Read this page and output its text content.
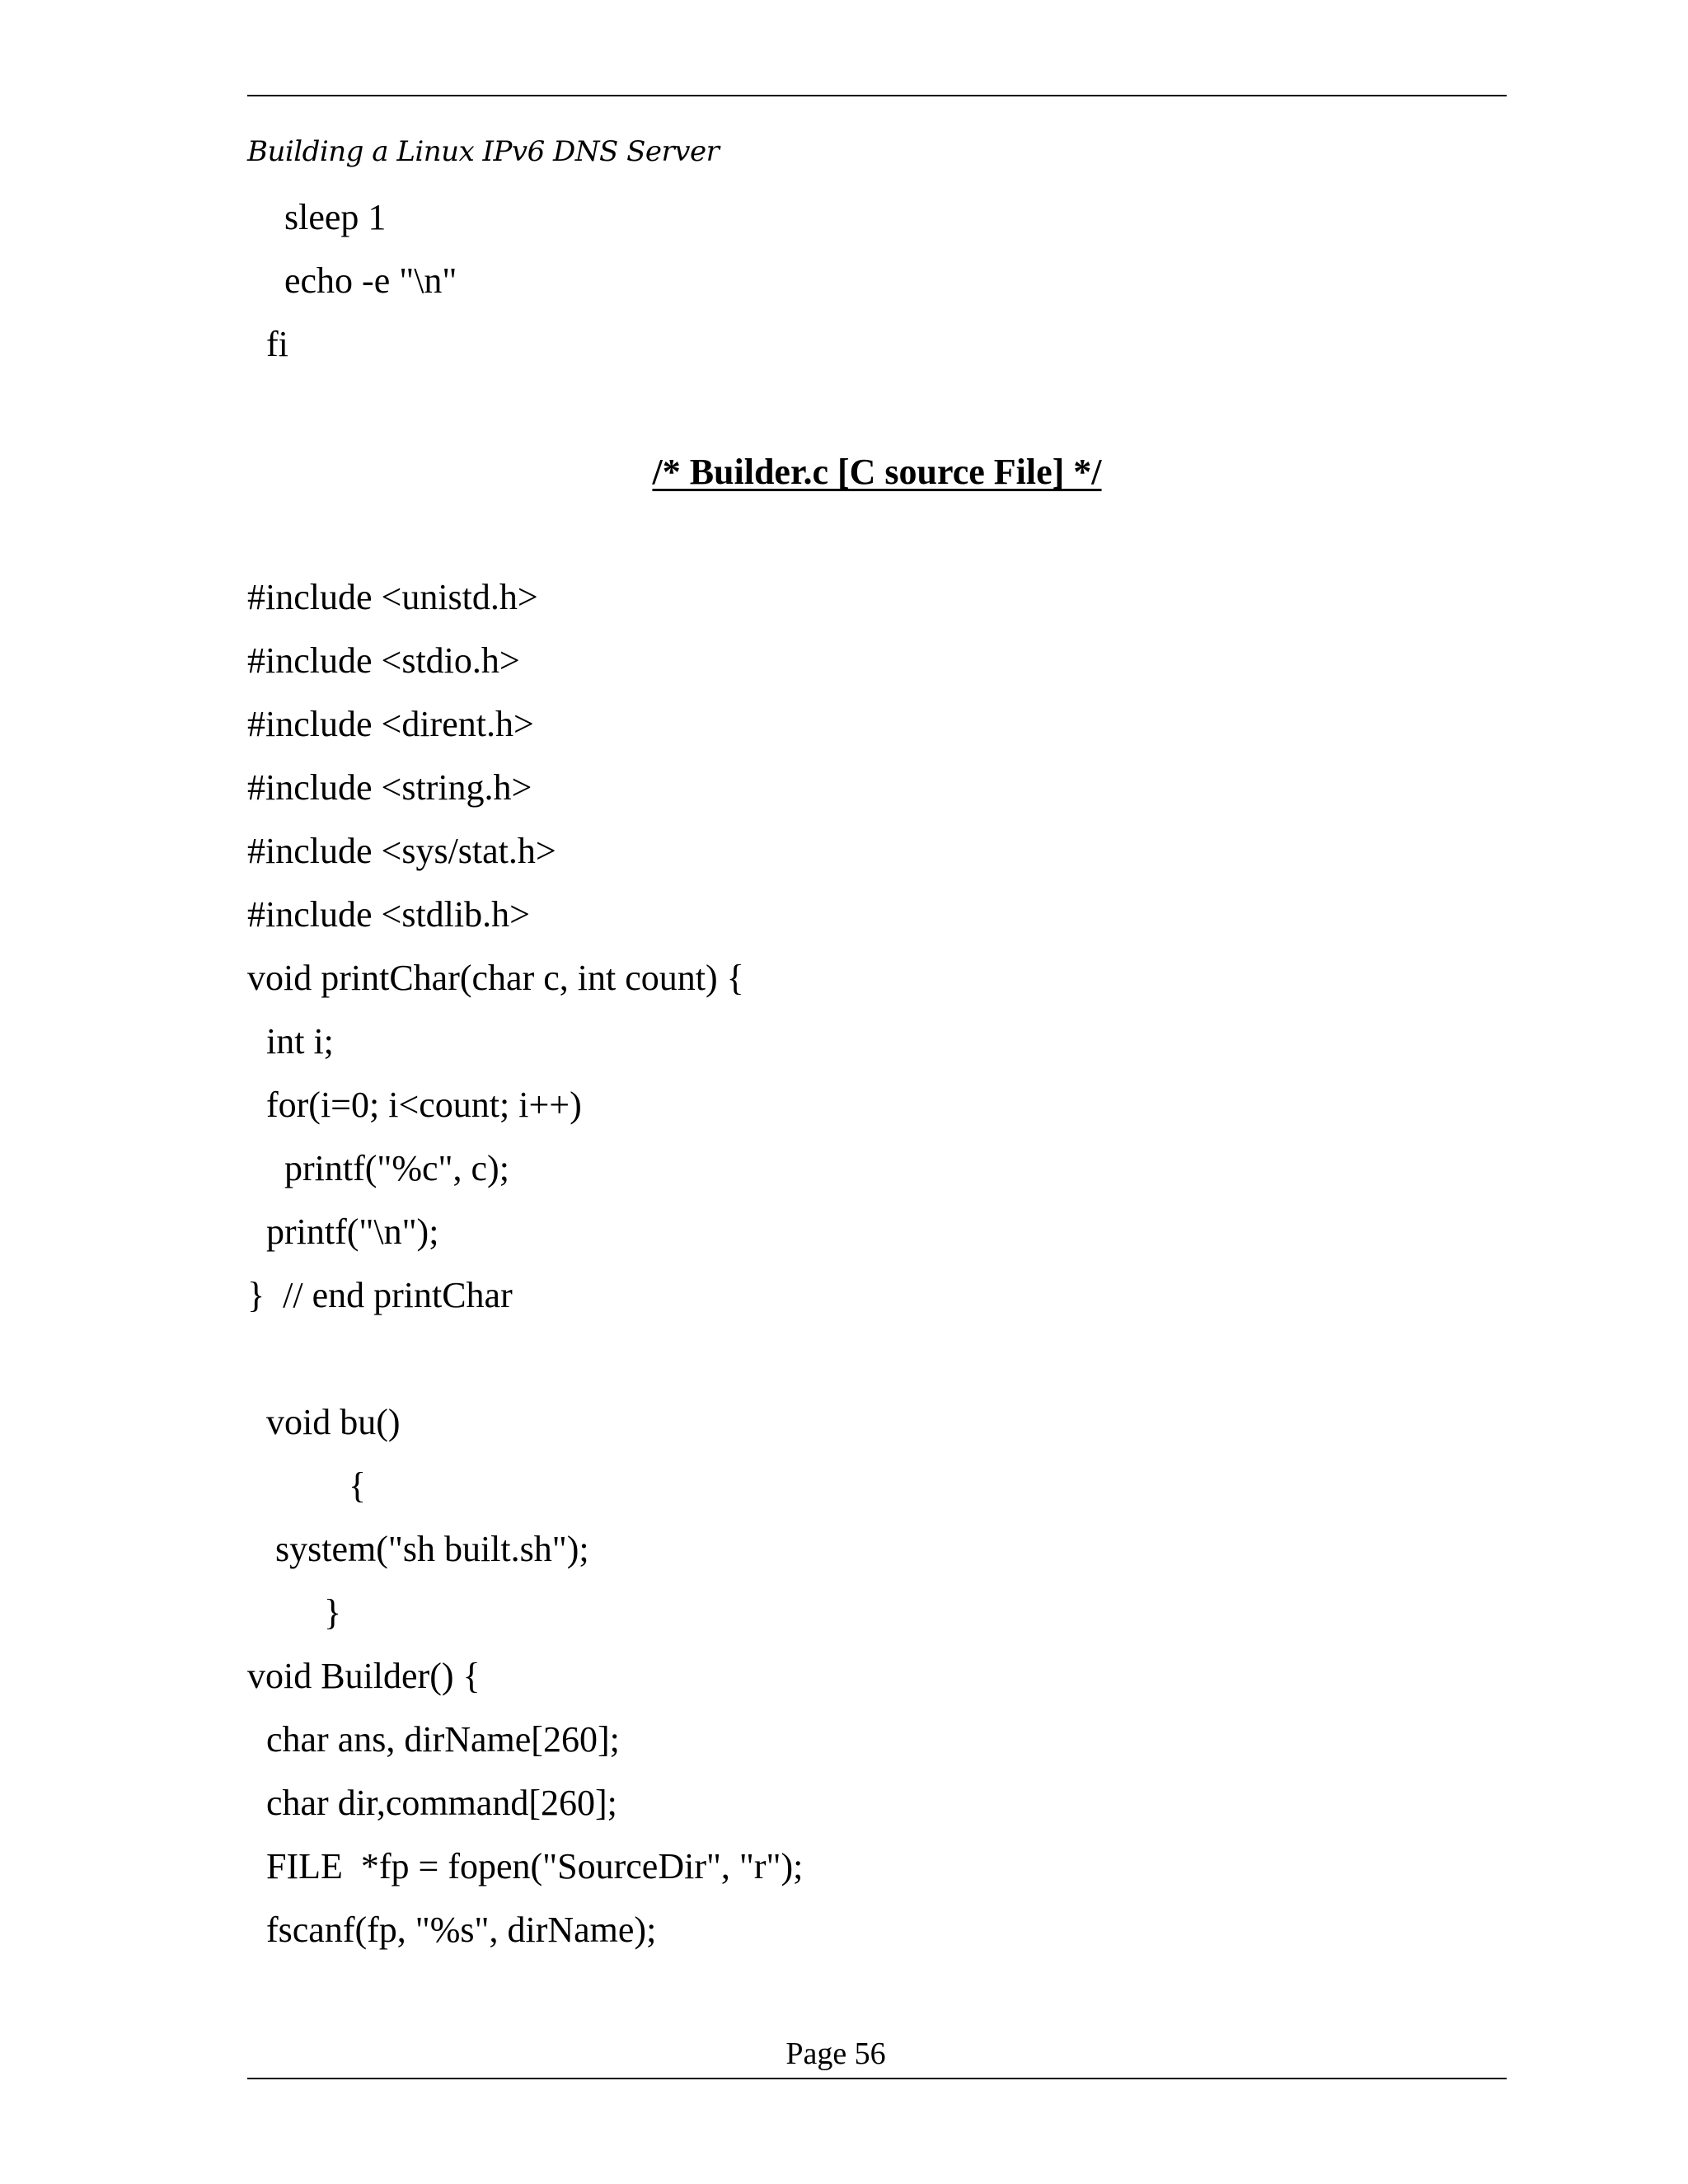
Building a Linux IPv6 DNS Server
sleep 1
echo -e "\n"
fi
/* Builder.c [C source File] */
#include <unistd.h>
#include <stdio.h>
#include <dirent.h>
#include <string.h>
#include <sys/stat.h>
#include <stdlib.h>
void printChar(char c, int count) {
int i;
for(i=0; i<count; i++)
printf("%c", c);
printf("\n");
}  // end printChar
void bu()
{
system("sh built.sh");
}
void Builder() {
char ans, dirName[260];
char dir,command[260];
FILE  *fp = fopen("SourceDir", "r");
fscanf(fp, "%s", dirName);
Page 56
